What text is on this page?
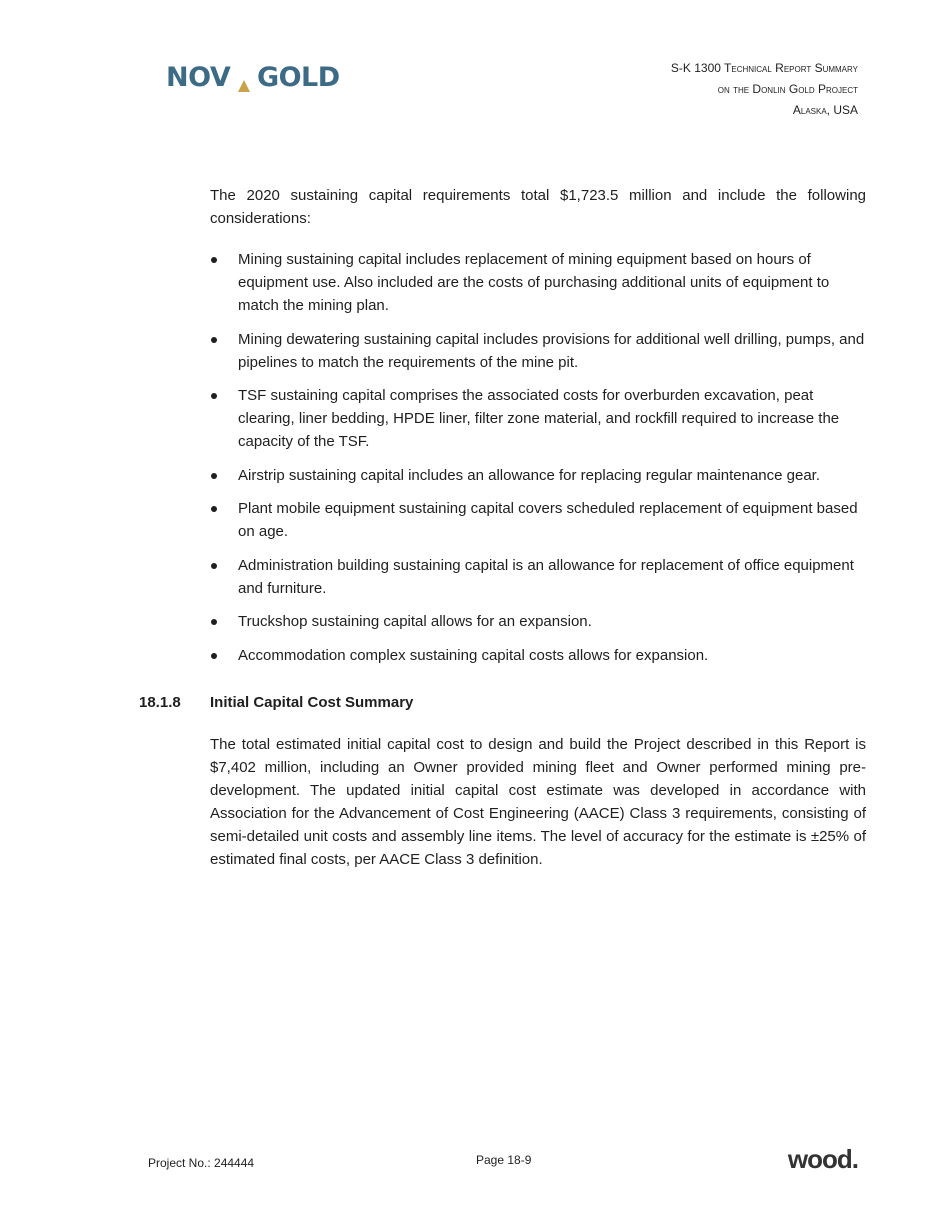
NOV
​   GOLD	S-K 1300 Technical Report Summary
on the Donlin Gold Project
Alaska, USA

The 2020 sustaining capital requirements total $1,723.5 million and include the following considerations:

Mining sustaining capital includes replacement of mining equipment based on hours of equipment use. Also included are the costs of purchasing additional units of equipment to match the mining plan.
Mining dewatering sustaining capital includes provisions for additional well drilling, pumps, and pipelines to match the requirements of the mine pit.
TSF sustaining capital comprises the associated costs for overburden excavation, peat clearing, liner bedding, HPDE liner, filter zone material, and rockfill required to increase the capacity of the TSF.
Airstrip sustaining capital includes an allowance for replacing regular maintenance gear.
Plant mobile equipment sustaining capital covers scheduled replacement of equipment based on age.
Administration building sustaining capital is an allowance for replacement of office equipment and furniture.
Truckshop sustaining capital allows for an expansion.
Accommodation complex sustaining capital costs allows for expansion.
18.1.8 Initial Capital Cost Summary

The total estimated initial capital cost to design and build the Project described in this Report is $7,402 million, including an Owner provided mining fleet and Owner performed mining pre-development. The updated initial capital cost estimate was developed in accordance with Association for the Advancement of Cost Engineering (AACE) Class 3 requirements, consisting of semi-detailed unit costs and assembly line items. The level of accuracy for the estimate is ±25% of estimated final costs, per AACE Class 3 definition.

Project No.: 244444	Page 18-9	wood.
